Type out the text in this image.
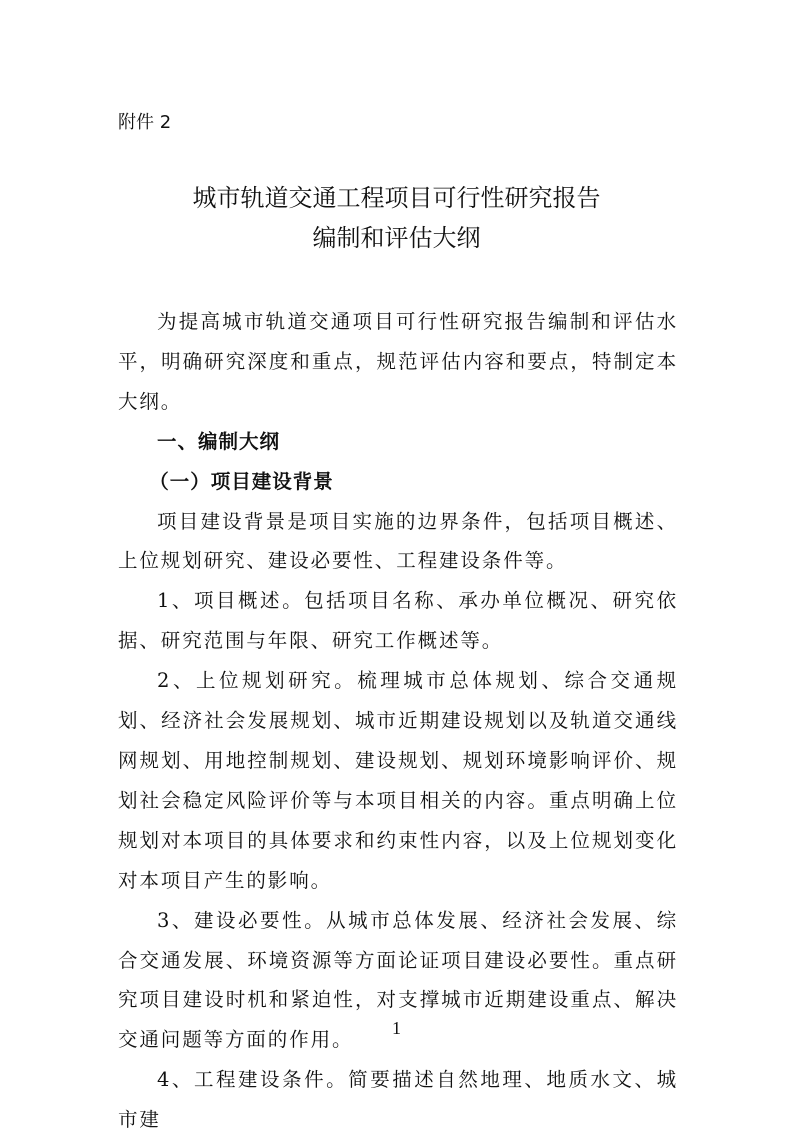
附件 2
城市轨道交通工程项目可行性研究报告
编制和评估大纲

为提高城市轨道交通项目可行性研究报告编制和评估水平，明确研究深度和重点，规范评估内容和要点，特制定本大纲。

一、编制大纲

（一）项目建设背景

项目建设背景是项目实施的边界条件，包括项目概述、上位规划研究、建设必要性、工程建设条件等。

1、项目概述。包括项目名称、承办单位概况、研究依据、研究范围与年限、研究工作概述等。

2、上位规划研究。梳理城市总体规划、综合交通规划、经济社会发展规划、城市近期建设规划以及轨道交通线网规划、用地控制规划、建设规划、规划环境影响评价、规划社会稳定风险评价等与本项目相关的内容。重点明确上位规划对本项目的具体要求和约束性内容，以及上位规划变化对本项目产生的影响。

3、建设必要性。从城市总体发展、经济社会发展、综合交通发展、环境资源等方面论证项目建设必要性。重点研究项目建设时机和紧迫性，对支撑城市近期建设重点、解决交通问题等方面的作用。

4、工程建设条件。简要描述自然地理、地质水文、城市建

1
